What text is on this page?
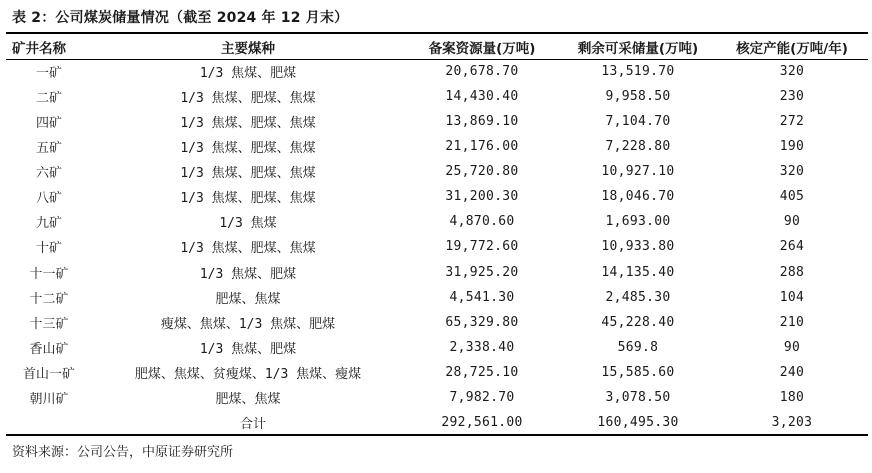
表 2：公司煤炭储量情况（截至 2024 年 12 月末）
矿井名称	主要煤种	备案资源量(万吨)	剩余可采储量(万吨)	核定产能(万吨/年)
一矿	1/3 焦煤、肥煤	20,678.70	13,519.70	320
二矿	1/3 焦煤、肥煤、焦煤	14,430.40	9,958.50	230
四矿	1/3 焦煤、肥煤、焦煤	13,869.10	7,104.70	272
五矿	1/3 焦煤、肥煤、焦煤	21,176.00	7,228.80	190
六矿	1/3 焦煤、肥煤、焦煤	25,720.80	10,927.10	320
八矿	1/3 焦煤、肥煤、焦煤	31,200.30	18,046.70	405
九矿	1/3 焦煤	4,870.60	1,693.00	90
十矿	1/3 焦煤、肥煤、焦煤	19,772.60	10,933.80	264
十一矿	1/3 焦煤、肥煤	31,925.20	14,135.40	288
十二矿	肥煤、焦煤	4,541.30	2,485.30	104
十三矿	瘦煤、焦煤、1/3 焦煤、肥煤	65,329.80	45,228.40	210
香山矿	1/3 焦煤、肥煤	2,338.40	569.8	90
首山一矿	肥煤、焦煤、贫瘦煤、1/3 焦煤、瘦煤	28,725.10	15,585.60	240
朝川矿	肥煤、焦煤	7,982.70	3,078.50	180
合计		292,561.00	160,495.30	3,203
资料来源：公司公告，中原证券研究所
